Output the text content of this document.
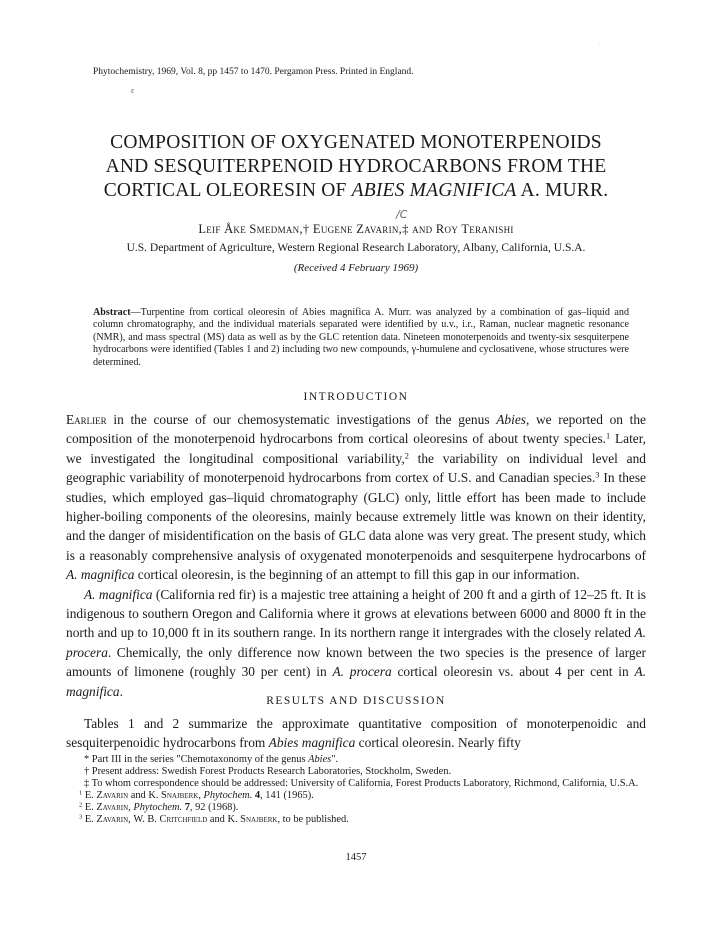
·
Phytochemistry, 1969, Vol. 8, pp 1457 to 1470. Pergamon Press. Printed in England.
ɛ
COMPOSITION OF OXYGENATED MONOTERPENOIDS
AND SESQUITERPENOID HYDROCARBONS FROM THE
CORTICAL OLEORESIN OF ABIES MAGNIFICA A. MURR.
/C
Leif Åke Smedman,† Eugene Zavarin,‡ and Roy Teranishi
U.S. Department of Agriculture, Western Regional Research Laboratory, Albany, California, U.S.A.
(Received 4 February 1969)
Abstract—Turpentine from cortical oleoresin of Abies magnifica A. Murr. was analyzed by a combination of gas–liquid and column chromatography, and the individual materials separated were identified by u.v., i.r., Raman, nuclear magnetic resonance (NMR), and mass spectral (MS) data as well as by the GLC retention data. Nineteen monoterpenoids and twenty-six sesquiterpene hydrocarbons were identified (Tables 1 and 2) including two new compounds, γ-humulene and cyclosativene, whose structures were determined.
INTRODUCTION

Earlier in the course of our chemosystematic investigations of the genus Abies, we reported on the composition of the monoterpenoid hydrocarbons from cortical oleoresins of about twenty species.$^1$ Later, we investigated the longitudinal compositional variability,$^2$ the variability on individual level and geographic variability of monoterpenoid hydrocarbons from cortex of U.S. and Canadian species.$^3$ In these studies, which employed gas–liquid chromatography (GLC) only, little effort has been made to include higher-boiling components of the oleoresins, mainly because extremely little was known on their identity, and the danger of misidentification on the basis of GLC data alone was very great. The present study, which is a reasonably comprehensive analysis of oxygenated monoterpenoids and sesquiterpene hydrocarbons of A. magnifica cortical oleoresin, is the beginning of an attempt to fill this gap in our information.

A. magnifica (California red fir) is a majestic tree attaining a height of 200 ft and a girth of 12–25 ft. It is indigenous to southern Oregon and California where it grows at elevations between 6000 and 8000 ft in the north and up to 10,000 ft in its southern range. In its northern range it intergrades with the closely related A. procera. Chemically, the only difference now known between the two species is the presence of larger amounts of limonene (roughly 30 per cent) in A. procera cortical oleoresin vs. about 4 per cent in A. magnifica.

RESULTS AND DISCUSSION

Tables 1 and 2 summarize the approximate quantitative composition of monoterpenoidic and sesquiterpenoidic hydrocarbons from Abies magnifica cortical oleoresin. Nearly fifty

* Part III in the series "Chemotaxonomy of the genus Abies".

† Present address: Swedish Forest Products Research Laboratories, Stockholm, Sweden.

‡ To whom correspondence should be addressed: University of California, Forest Products Laboratory, Richmond, California, U.S.A.

$^1$ E. Zavarin and K. Snajberk, Phytochem. 4, 141 (1965).

$^2$ E. Zavarin, Phytochem. 7, 92 (1968).

$^3$ E. Zavarin, W. B. Critchfield and K. Snajberk, to be published.

1457
